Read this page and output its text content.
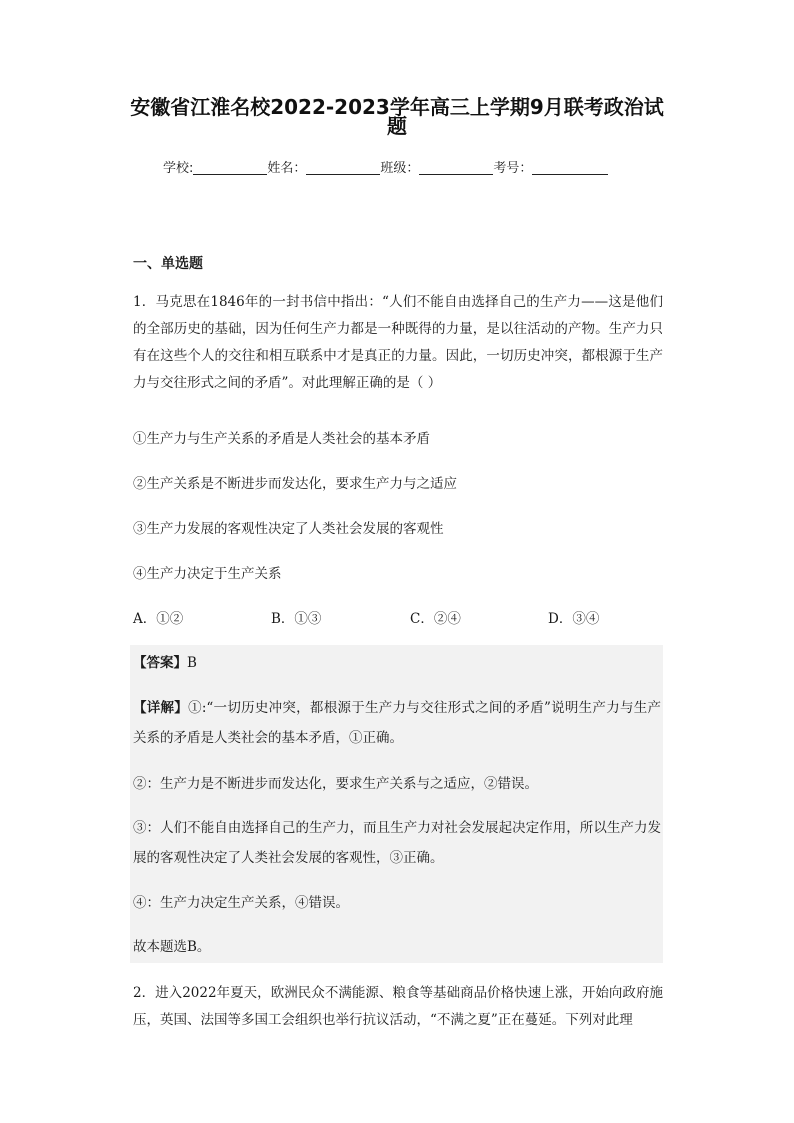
安徽省江淮名校2022-2023学年高三上学期9月联考政治试
题
学校:	姓名：	班级：	考号：
一、单选题

1．马克思在1846年的一封书信中指出：“人们不能自由选择自己的生产力——这是他们的全部历史的基础，因为任何生产力都是一种既得的力量，是以往活动的产物。生产力只有在这些个人的交往和相互联系中才是真正的力量。因此，一切历史冲突，都根源于生产力与交往形式之间的矛盾”。对此理解正确的是（ ）

①生产力与生产关系的矛盾是人类社会的基本矛盾
②生产关系是不断进步而发达化，要求生产力与之适应
③生产力发展的客观性决定了人类社会发展的客观性
④生产力决定于生产关系
A．①②	B．①③	C．②④	D．③④
【答案】B

【详解】①:“一切历史冲突，都根源于生产力与交往形式之间的矛盾”说明生产力与生产关系的矛盾是人类社会的基本矛盾，①正确。

②：生产力是不断进步而发达化，要求生产关系与之适应，②错误。

③：人们不能自由选择自己的生产力，而且生产力对社会发展起决定作用，所以生产力发展的客观性决定了人类社会发展的客观性，③正确。

④：生产力决定生产关系，④错误。
故本题选B。

2．进入2022年夏天，欧洲民众不满能源、粮食等基础商品价格快速上涨，开始向政府施压，英国、法国等多国工会组织也举行抗议活动，“不满之夏”正在蔓延。下列对此理
